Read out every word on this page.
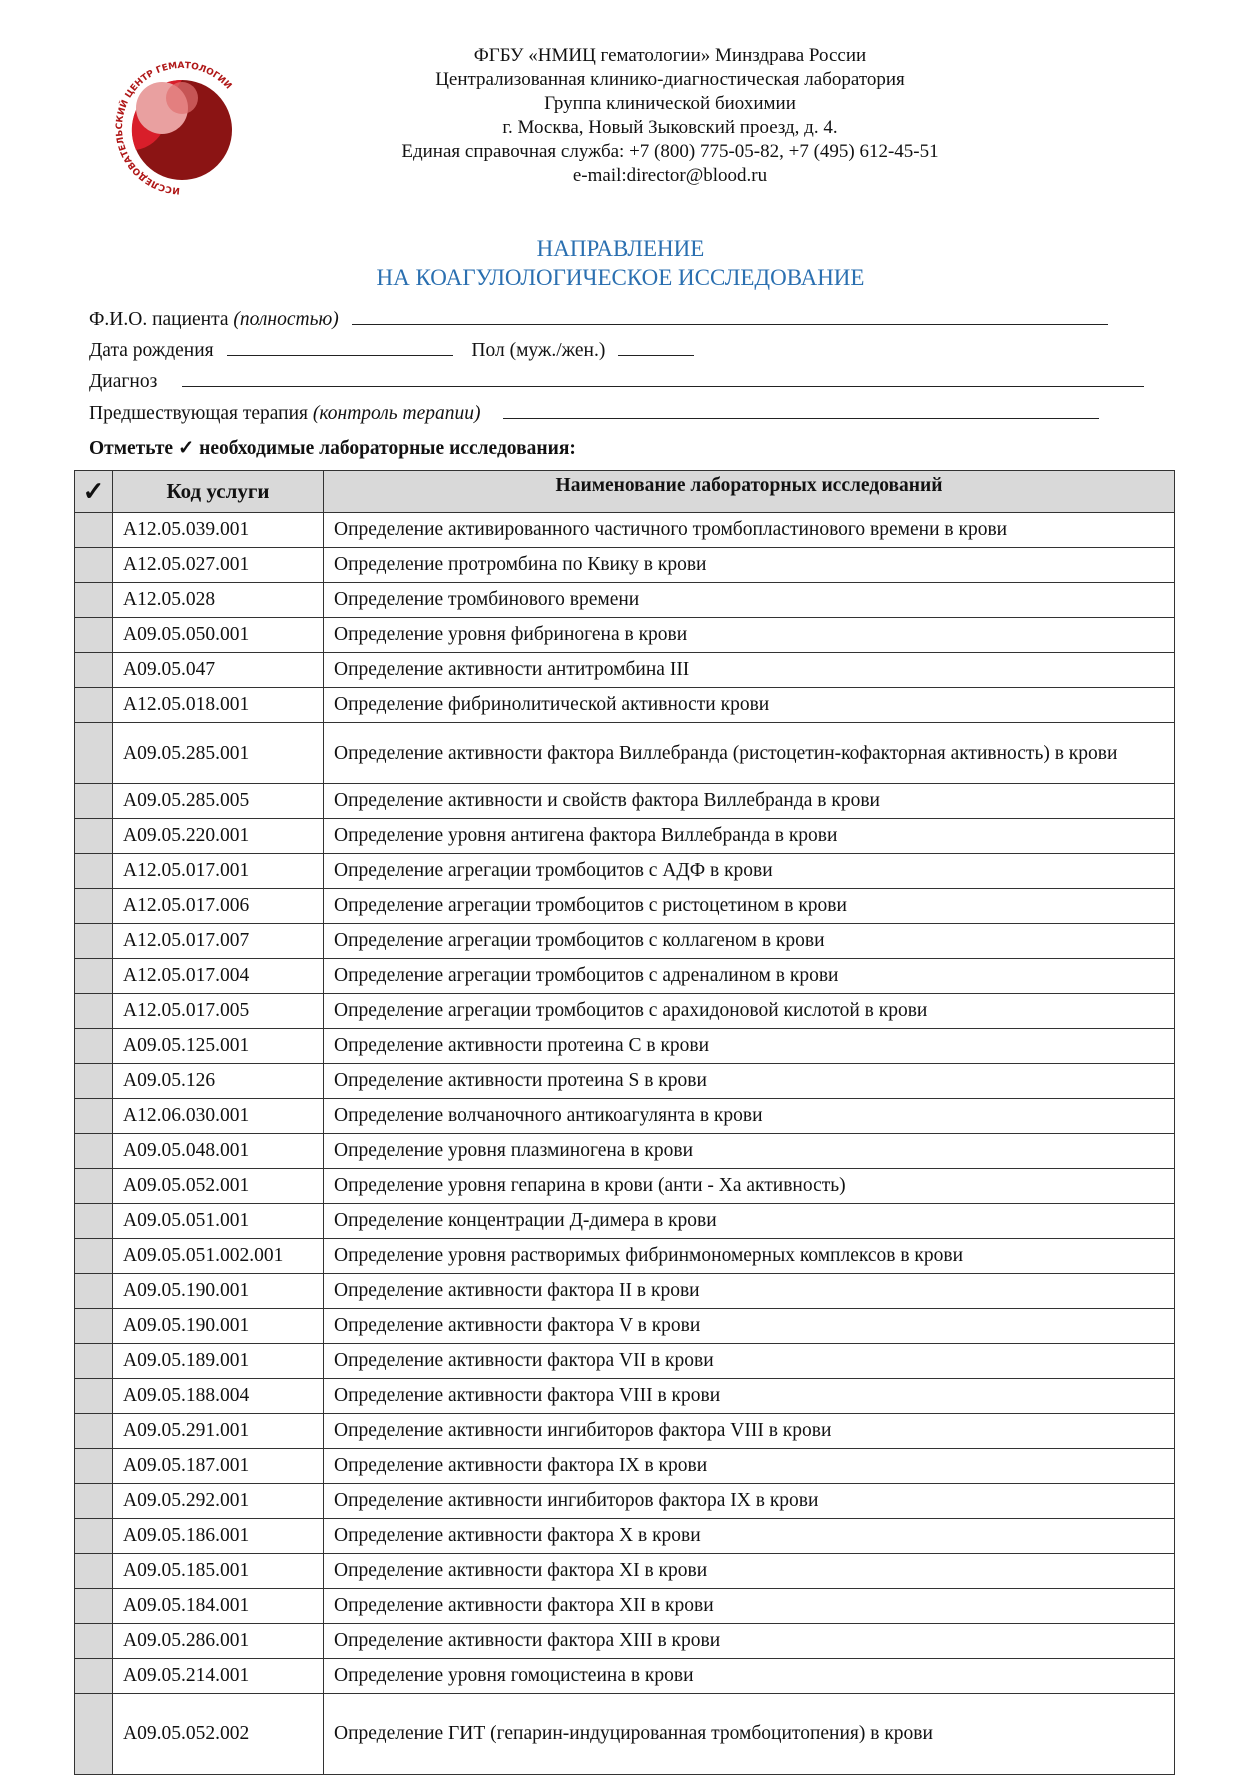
ИССЛЕДОВАТЕЛЬСКИЙ ЦЕНТР ГЕМАТОЛОГИИ
ФГБУ «НМИЦ гематологии» Минздрава России
Централизованная клинико-диагностическая лаборатория
Группа клинической биохимии
г. Москва, Новый Зыковский проезд, д. 4.
Единая справочная служба: +7 (800) 775-05-82, +7 (495) 612-45-51
e-mail:director@blood.ru
НАПРАВЛЕНИЕ
НА КОАГУЛОЛОГИЧЕСКОЕ ИССЛЕДОВАНИЕ
Ф.И.О. пациента (полностью)
Дата рождения	Пол (муж./жен.)
Диагноз
Предшествующая терапия (контроль терапии)
Отметьте ✓ необходимые лабораторные исследования:
✓	Код услуги	Наименование лабораторных исследований
	A12.05.039.001	Определение активированного частичного тромбопластинового времени в крови
	A12.05.027.001	Определение протромбина по Квику в крови
	A12.05.028	Определение тромбинового времени
	A09.05.050.001	Определение уровня фибриногена в крови
	A09.05.047	Определение активности антитромбина III
	A12.05.018.001	Определение фибринолитической активности крови
	A09.05.285.001	Определение активности фактора Виллебранда (ристоцетин-кофакторная активность) в крови
	A09.05.285.005	Определение активности и свойств фактора Виллебранда в крови
	A09.05.220.001	Определение уровня антигена фактора Виллебранда в крови
	A12.05.017.001	Определение агрегации тромбоцитов с АДФ в крови
	A12.05.017.006	Определение агрегации тромбоцитов с ристоцетином в крови
	A12.05.017.007	Определение агрегации тромбоцитов с коллагеном в крови
	A12.05.017.004	Определение агрегации тромбоцитов с адреналином в крови
	A12.05.017.005	Определение агрегации тромбоцитов с арахидоновой кислотой в крови
	A09.05.125.001	Определение активности протеина С в крови
	A09.05.126	Определение активности протеина S в крови
	A12.06.030.001	Определение волчаночного антикоагулянта в крови
	A09.05.048.001	Определение уровня плазминогена в крови
	A09.05.052.001	Определение уровня гепарина в крови (анти - Ха активность)
	A09.05.051.001	Определение концентрации Д-димера в крови
	A09.05.051.002.001	Определение уровня растворимых фибринмономерных комплексов в крови
	A09.05.190.001	Определение активности фактора II в крови
	A09.05.190.001	Определение активности фактора V в крови
	A09.05.189.001	Определение активности фактора VII в крови
	A09.05.188.004	Определение активности фактора VIII в крови
	A09.05.291.001	Определение активности ингибиторов фактора VIII в крови
	A09.05.187.001	Определение активности фактора IX в крови
	A09.05.292.001	Определение активности ингибиторов фактора IX в крови
	A09.05.186.001	Определение активности фактора X в крови
	A09.05.185.001	Определение активности фактора XI в крови
	A09.05.184.001	Определение активности фактора XII в крови
	A09.05.286.001	Определение активности фактора XIII в крови
	A09.05.214.001	Определение уровня гомоцистеина в крови
	A09.05.052.002	Определение ГИТ (гепарин-индуцированная тромбоцитопения) в крови
